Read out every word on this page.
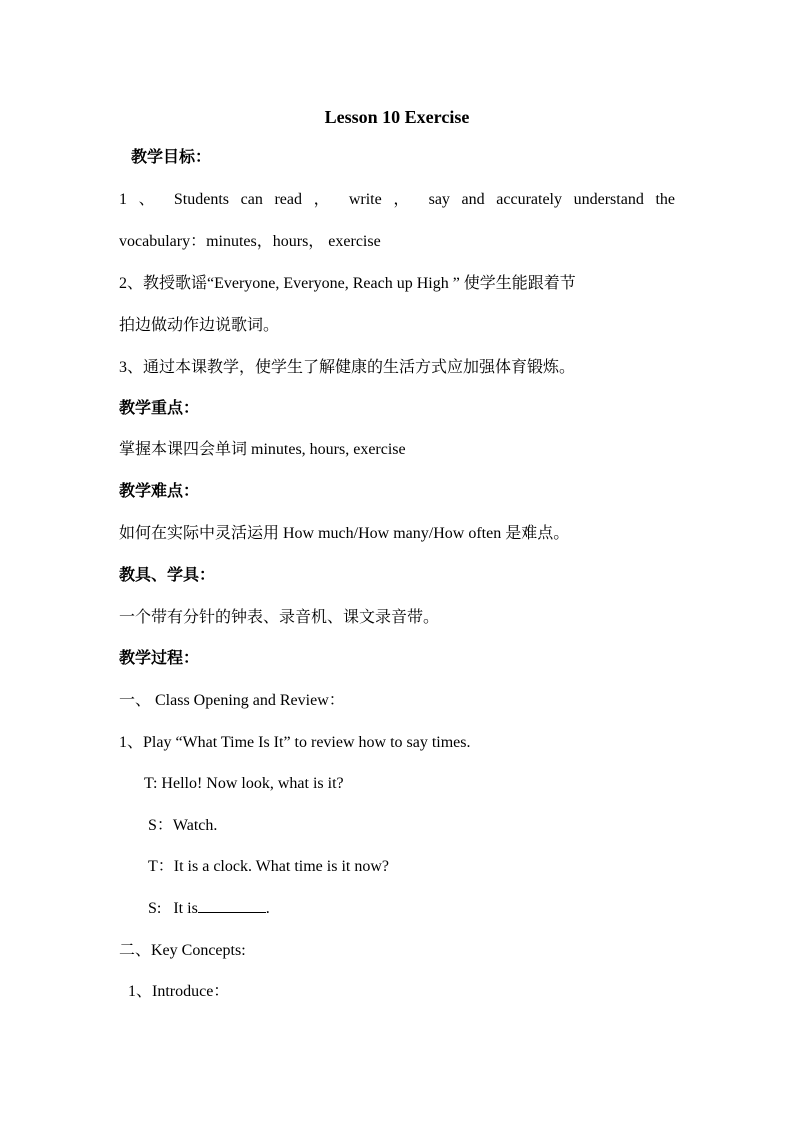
Lesson 10 Exercise
教学目标：
1 、 Students can read ， write ， say and accurately understand the
vocabulary：minutes，hours， exercise
2、教授歌谣“Everyone, Everyone, Reach up High ” 使学生能跟着节
拍边做动作边说歌词。
3、通过本课教学，使学生了解健康的生活方式应加强体育锻炼。
教学重点：
掌握本课四会单词 minutes, hours, exercise
教学难点：
如何在实际中灵活运用 How much/How many/How often 是难点。
教具、学具：
一个带有分针的钟表、录音机、课文录音带。
教学过程：
一、 Class Opening and Review：
1、Play “What Time Is It” to review how to say times.
T: Hello! Now look, what is it?
S：Watch.
T：It is a clock. What time is it now?
S:   It is	.
二、Key Concepts:
1、Introduce：
